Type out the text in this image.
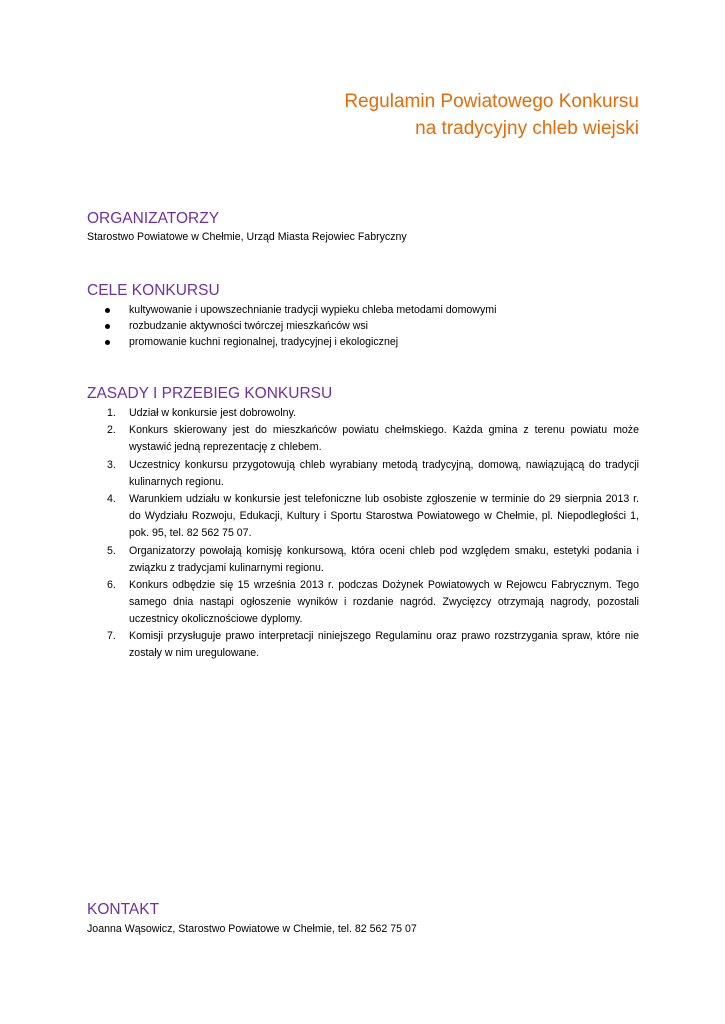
Regulamin Powiatowego Konkursu
na tradycyjny chleb wiejski
ORGANIZATORZY
Starostwo Powiatowe w Chełmie, Urząd Miasta Rejowiec Fabryczny
CELE KONKURSU
kultywowanie i upowszechnianie tradycji wypieku chleba metodami domowymi
rozbudzanie aktywności twórczej mieszkańców wsi
promowanie kuchni regionalnej, tradycyjnej i ekologicznej
ZASADY I PRZEBIEG KONKURSU
1. Udział w konkursie jest dobrowolny.
2. Konkurs skierowany jest do mieszkańców powiatu chełmskiego. Każda gmina z terenu powiatu może wystawić jedną reprezentację z chlebem.
3. Uczestnicy konkursu przygotowują chleb wyrabiany metodą tradycyjną, domową, nawiązującą do tradycji kulinarnych regionu.
4. Warunkiem udziału w konkursie jest telefoniczne lub osobiste zgłoszenie w terminie do 29 sierpnia 2013 r. do Wydziału Rozwoju, Edukacji, Kultury i Sportu Starostwa Powiatowego w Chełmie, pl. Niepodległości 1, pok. 95, tel. 82 562 75 07.
5. Organizatorzy powołają komisję konkursową, która oceni chleb pod względem smaku, estetyki podania i związku z tradycjami kulinarnymi regionu.
6. Konkurs odbędzie się 15 września 2013 r. podczas Dożynek Powiatowych w Rejowcu Fabrycznym. Tego samego dnia nastąpi ogłoszenie wyników i rozdanie nagród. Zwycięzcy otrzymają nagrody, pozostali uczestnicy okolicznościowe dyplomy.
7. Komisji przysługuje prawo interpretacji niniejszego Regulaminu oraz prawo rozstrzygania spraw, które nie zostały w nim uregulowane.
KONTAKT
Joanna Wąsowicz, Starostwo Powiatowe w Chełmie, tel. 82 562 75 07
